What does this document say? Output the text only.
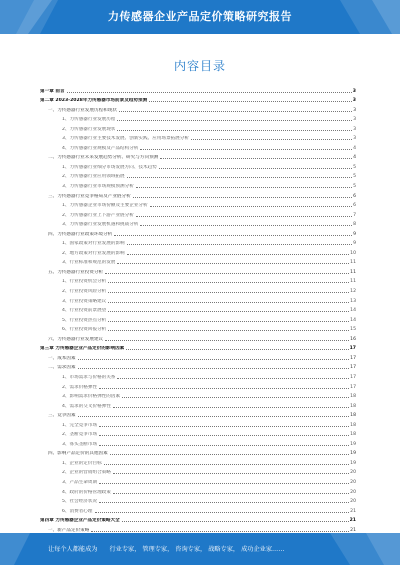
力传感器企业产品定价策略研究报告
内容目录
第一章 前言	3
第二章 2023-2028年力传感器市场前景及趋势预测	3
一、力传感器行业发展历程和现状	3
1、力传感器行业发展历程	3
2、力传感器行业发展现状	3
3、力传感器行业主要技术发展、创新实践、应用场景拓展分析	3
4、力传感器行业规模及产品结构分析	4
二、力传感器行业未来发展趋势分析、研究与方向预测	4
1、力传感器行业细分市场发展方向、技术趋势	5
2、力传感器行业应用领域拓展	5
3、力传感器行业市场规模预测分析	5
三、力传感器行业竞争格局及产业链分析	6
1、力传感器企业市场份额及主要企业分析	6
2、力传感器行业上下游产业链分析	7
3、力传感器行业发展机遇和挑战分析	8
四、力传感器行业政策环境分析	9
1、国家政策对行业发展的影响	9
2、地方政策对行业发展的影响	10
3、行业标准和规范的发展	11
五、力传感器行业投资分析	11
1、行业投资机会分析	11
2、行业投资风险分析	12
3、行业投资策略建议	13
4、行业投资前景展望	14
5、行业投资热点分析	14
6、行业投资回报分析	15
六、力传感器行业发展建议	16
第三章 力传感器企业产品定价的影响因素	17
一、成本因素	17
二、需求因素	17
1、市场需求与价格的关系	17
2、需求价格弹性	17
3、影响需求价格弹性的因素	18
4、需求的交叉价格弹性	18
三、竞争因素	18
1、完全竞争市场	18
2、垄断竞争市场	18
3、寡头垄断市场	19
四、影响产品定价的其他因素	19
1、企业的定价目标	19
2、企业的营销组合策略	20
3、产品生命周期	20
4、政府的价格管理政策	20
5、社会经济状况	20
6、消费者心理	21
第四章 力传感器企业产品定价策略大全	21
一、新产品定价策略	21
让每个人都能成为 行业专家， 管理专家， 咨询专家， 战略专家， 成功企业家……
